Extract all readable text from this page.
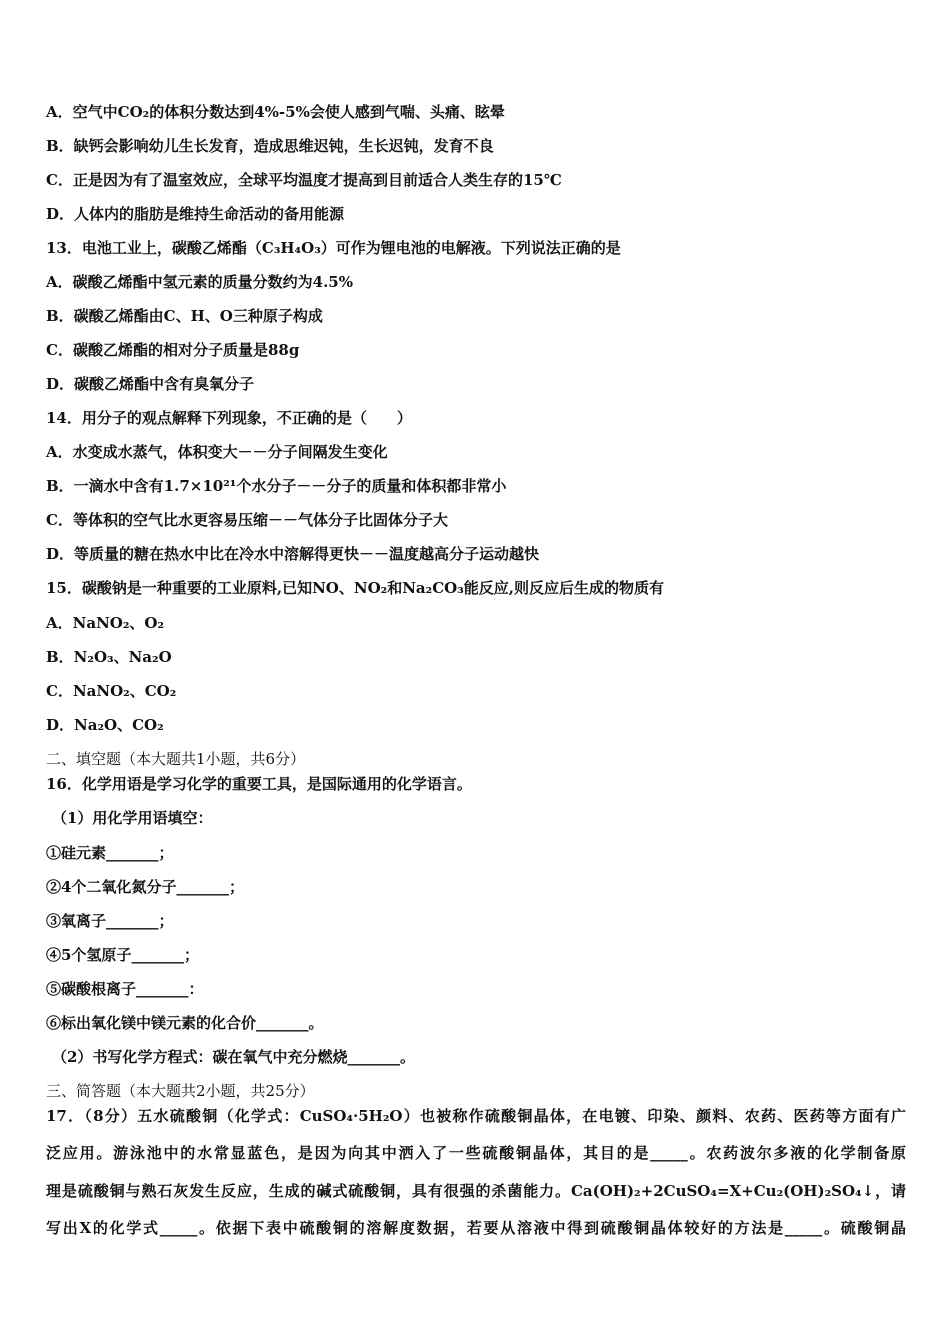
A．空气中CO₂的体积分数达到4%-5%会使人感到气喘、头痛、眩晕
B．缺钙会影响幼儿生长发育，造成思维迟钝，生长迟钝，发育不良
C．正是因为有了温室效应，全球平均温度才提高到目前适合人类生存的15℃
D．人体内的脂肪是维持生命活动的备用能源
13．电池工业上，碳酸乙烯酯（C₃H₄O₃）可作为锂电池的电解液。下列说法正确的是
A．碳酸乙烯酯中氢元素的质量分数约为4.5%
B．碳酸乙烯酯由C、H、O三种原子构成
C．碳酸乙烯酯的相对分子质量是88g
D．碳酸乙烯酯中含有臭氧分子
14．用分子的观点解释下列现象，不正确的是（　　）
A．水变成水蒸气，体积变大－－分子间隔发生变化
B．一滴水中含有1.7×10²¹个水分子－－分子的质量和体积都非常小
C．等体积的空气比水更容易压缩－－气体分子比固体分子大
D．等质量的糖在热水中比在冷水中溶解得更快－－温度越高分子运动越快
15．碳酸钠是一种重要的工业原料,已知NO、NO₂和Na₂CO₃能反应,则反应后生成的物质有
A．NaNO₂、O₂
B．N₂O₃、Na₂O
C．NaNO₂、CO₂
D．Na₂O、CO₂
二、填空题（本大题共1小题，共6分）
16．化学用语是学习化学的重要工具，是国际通用的化学语言。
（1）用化学用语填空：
①硅元素_______；
②4个二氧化氮分子_______；
③氧离子_______；
④5个氢原子_______；
⑤碳酸根离子_______：
⑥标出氧化镁中镁元素的化合价_______。
（2）书写化学方程式：碳在氧气中充分燃烧_______。
三、简答题（本大题共2小题，共25分）
17．（8分）五水硫酸铜（化学式：CuSO₄·5H₂O）也被称作硫酸铜晶体，在电镀、印染、颜料、农药、医药等方面有广
泛应用。游泳池中的水常显蓝色，是因为向其中洒入了一些硫酸铜晶体，其目的是_____。农药波尔多液的化学制备原
理是硫酸铜与熟石灰发生反应，生成的碱式硫酸铜，具有很强的杀菌能力。Ca(OH)₂+2CuSO₄=X+Cu₂(OH)₂SO₄↓，请
写出X的化学式_____。依据下表中硫酸铜的溶解度数据，若要从溶液中得到硫酸铜晶体较好的方法是_____。硫酸铜晶
